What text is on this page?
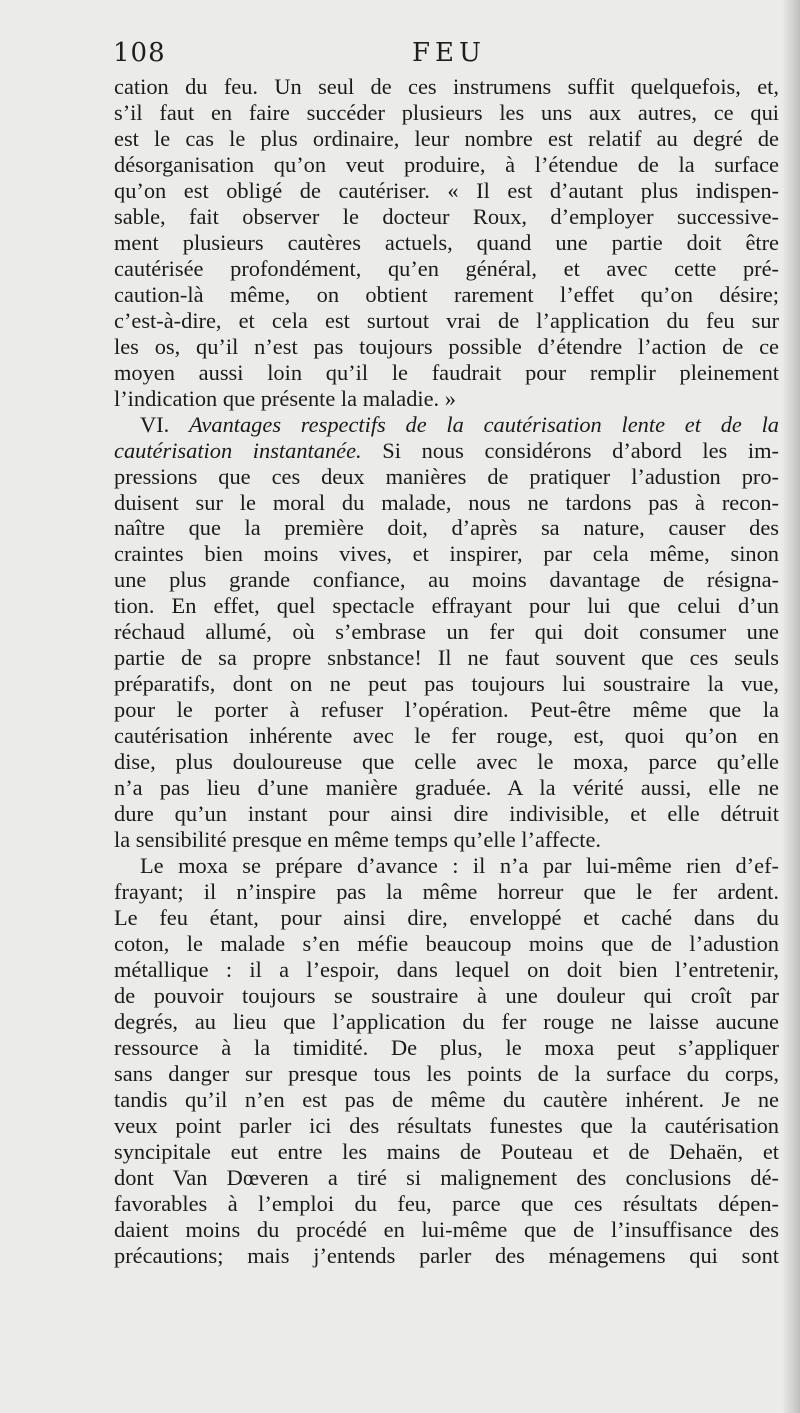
108	FEU
cation du feu. Un seul de ces instrumens suffit quelquefois, et,
s’il faut en faire succéder plusieurs les uns aux autres, ce qui
est le cas le plus ordinaire, leur nombre est relatif au degré de
désorganisation qu’on veut produire, à l’étendue de la surface
qu’on est obligé de cautériser. « Il est d’autant plus indispen-
sable, fait observer le docteur Roux, d’employer successive-
ment plusieurs cautères actuels, quand une partie doit être
cautérisée profondément, qu’en général, et avec cette pré-
caution-là même, on obtient rarement l’effet qu’on désire;
c’est-à-dire, et cela est surtout vrai de l’application du feu sur
les os, qu’il n’est pas toujours possible d’étendre l’action de ce
moyen aussi loin qu’il le faudrait pour remplir pleinement
l’indication que présente la maladie. »
VI. Avantages respectifs de la cautérisation lente et de la
cautérisation instantanée. Si nous considérons d’abord les im-
pressions que ces deux manières de pratiquer l’adustion pro-
duisent sur le moral du malade, nous ne tardons pas à recon-
naître que la première doit, d’après sa nature, causer des
craintes bien moins vives, et inspirer, par cela même, sinon
une plus grande confiance, au moins davantage de résigna-
tion. En effet, quel spectacle effrayant pour lui que celui d’un
réchaud allumé, où s’embrase un fer qui doit consumer une
partie de sa propre snbstance! Il ne faut souvent que ces seuls
préparatifs, dont on ne peut pas toujours lui soustraire la vue,
pour le porter à refuser l’opération. Peut-être même que la
cautérisation inhérente avec le fer rouge, est, quoi qu’on en
dise, plus douloureuse que celle avec le moxa, parce qu’elle
n’a pas lieu d’une manière graduée. A la vérité aussi, elle ne
dure qu’un instant pour ainsi dire indivisible, et elle détruit
la sensibilité presque en même temps qu’elle l’affecte.
Le moxa se prépare d’avance : il n’a par lui-même rien d’ef-
frayant; il n’inspire pas la même horreur que le fer ardent.
Le feu étant, pour ainsi dire, enveloppé et caché dans du
coton, le malade s’en méfie beaucoup moins que de l’adustion
métallique : il a l’espoir, dans lequel on doit bien l’entretenir,
de pouvoir toujours se soustraire à une douleur qui croît par
degrés, au lieu que l’application du fer rouge ne laisse aucune
ressource à la timidité. De plus, le moxa peut s’appliquer
sans danger sur presque tous les points de la surface du corps,
tandis qu’il n’en est pas de même du cautère inhérent. Je ne
veux point parler ici des résultats funestes que la cautérisation
syncipitale eut entre les mains de Pouteau et de Dehaën, et
dont Van Dœveren a tiré si malignement des conclusions dé-
favorables à l’emploi du feu, parce que ces résultats dépen-
daient moins du procédé en lui-même que de l’insuffisance des
précautions; mais j’entends parler des ménagemens qui sont
